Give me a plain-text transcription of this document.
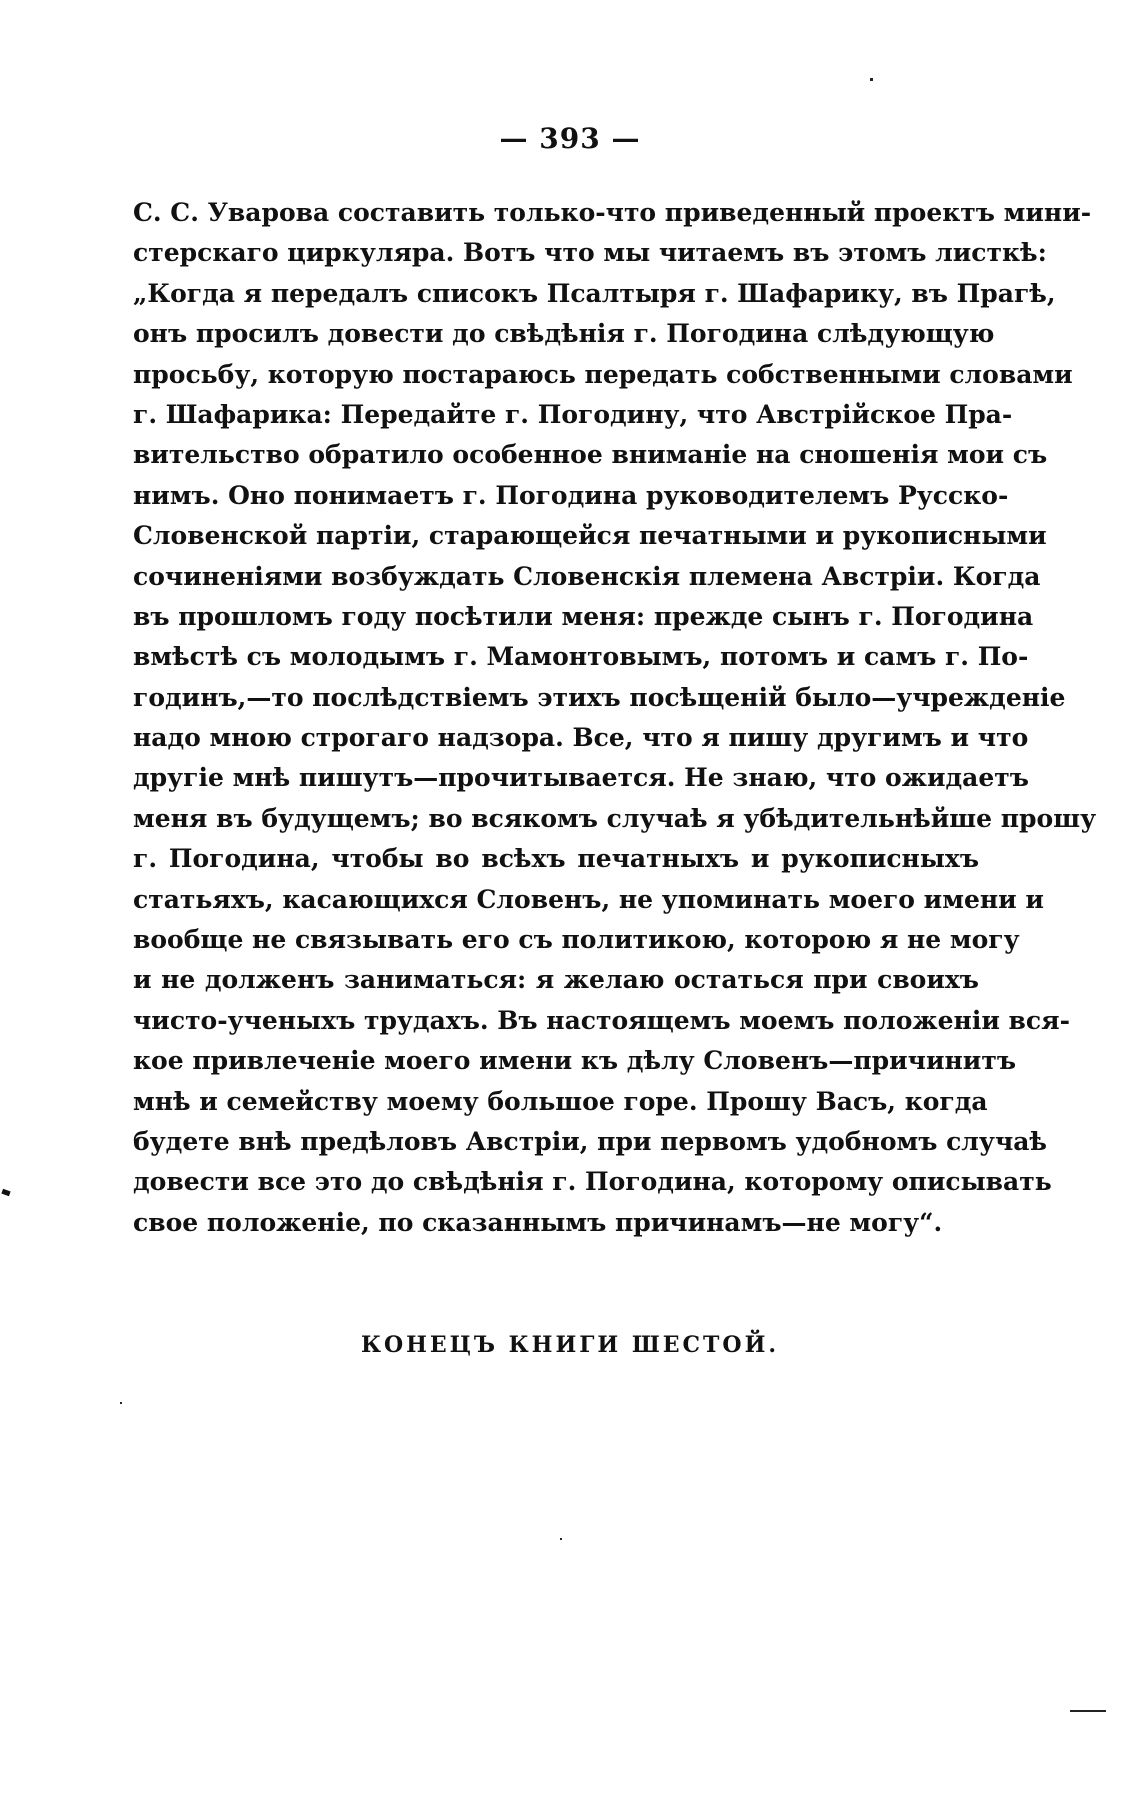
— 393 —
С. С. Уварова составить только-что приведенный проектъ мини-
стерскаго циркуляра. Вотъ что мы читаемъ въ этомъ листкѣ:
„Когда я передалъ списокъ Псалтыря г. Шафарику, въ Прагѣ,
онъ просилъ довести до свѣдѣнія г. Погодина слѣдующую
просьбу, которую постараюсь передать собственными словами
г. Шафарика: Передайте г. Погодину, что Австрійское Пра-
вительство обратило особенное вниманіе на сношенія мои съ
нимъ. Оно понимаетъ г. Погодина руководителемъ Русско-
Словенской партіи, старающейся печатными и рукописными
сочиненіями возбуждать Словенскія племена Австріи. Когда
въ прошломъ году посѣтили меня: прежде сынъ г. Погодина
вмѣстѣ съ молодымъ г. Мамонтовымъ, потомъ и самъ г. По-
годинъ,—то послѣдствіемъ этихъ посѣщеній было—учрежденіе
надо мною строгаго надзора. Все, что я пишу другимъ и что
другіе мнѣ пишутъ—прочитывается. Не знаю, что ожидаетъ
меня въ будущемъ; во всякомъ случаѣ я убѣдительнѣйше прошу
г. Погодина, чтобы во всѣхъ печатныхъ и рукописныхъ
статьяхъ, касающихся Словенъ, не упоминать моего имени и
вообще не связывать его съ политикою, которою я не могу
и не долженъ заниматься: я желаю остаться при своихъ
чисто-ученыхъ трудахъ. Въ настоящемъ моемъ положеніи вся-
кое привлеченіе моего имени къ дѣлу Словенъ—причинитъ
мнѣ и семейству моему большое горе. Прошу Васъ, когда
будете внѣ предѣловъ Австріи, при первомъ удобномъ случаѣ
довести все это до свѣдѣнія г. Погодина, которому описывать
свое положеніе, по сказаннымъ причинамъ—не могу“.
КОНЕЦЪ КНИГИ ШЕСТОЙ.
